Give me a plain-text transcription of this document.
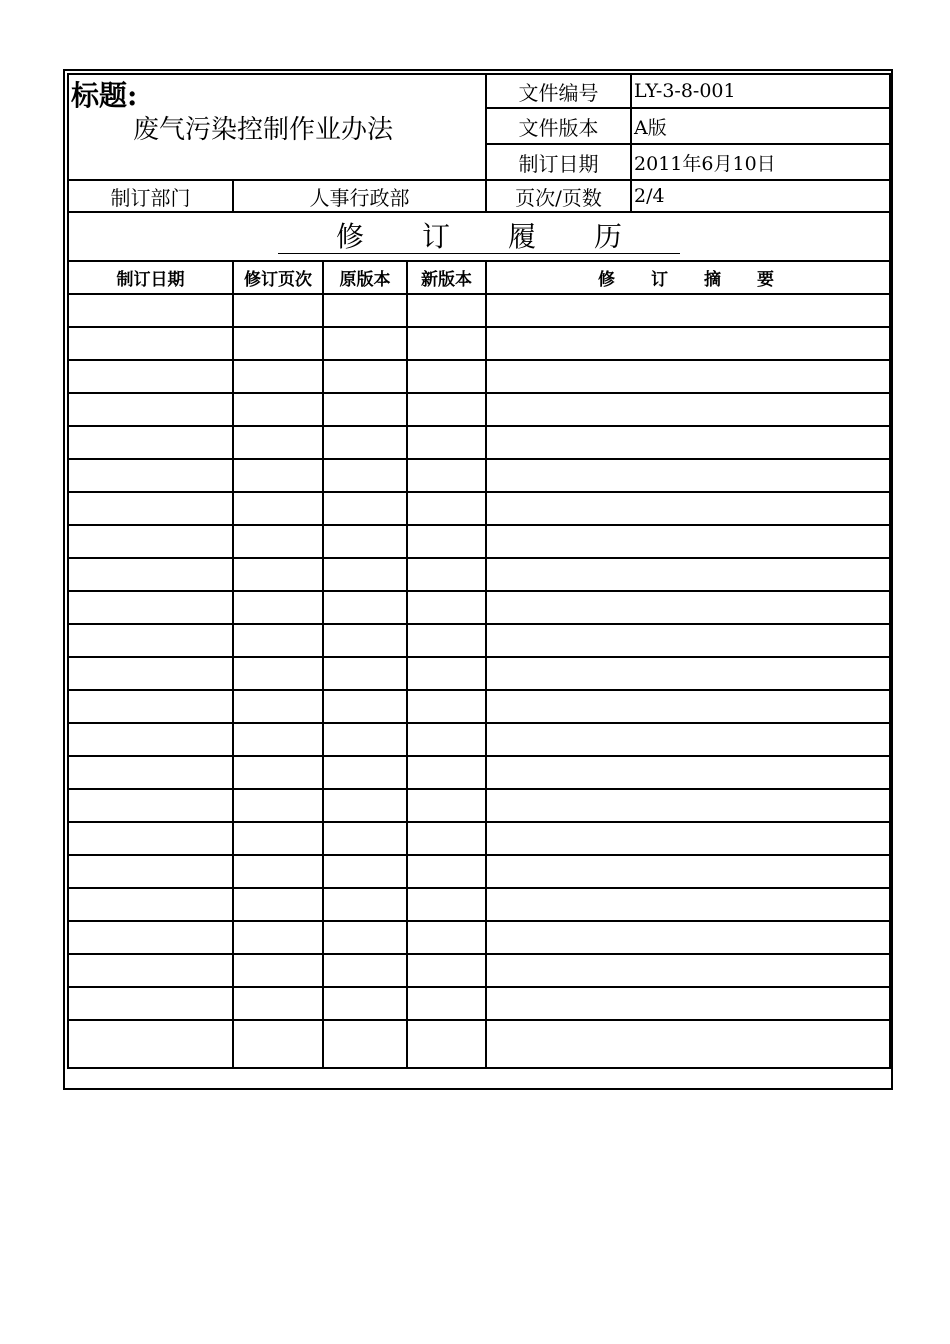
标题:
废气污染控制作业办法				文件编号	LY-3-8-001
				文件版本	A版
				制订日期	2011年6月10日
制订部门	人事行政部			页次/页数	2/4
修订履历					
制订日期	修订页次	原版本	新版本	修订摘要	
